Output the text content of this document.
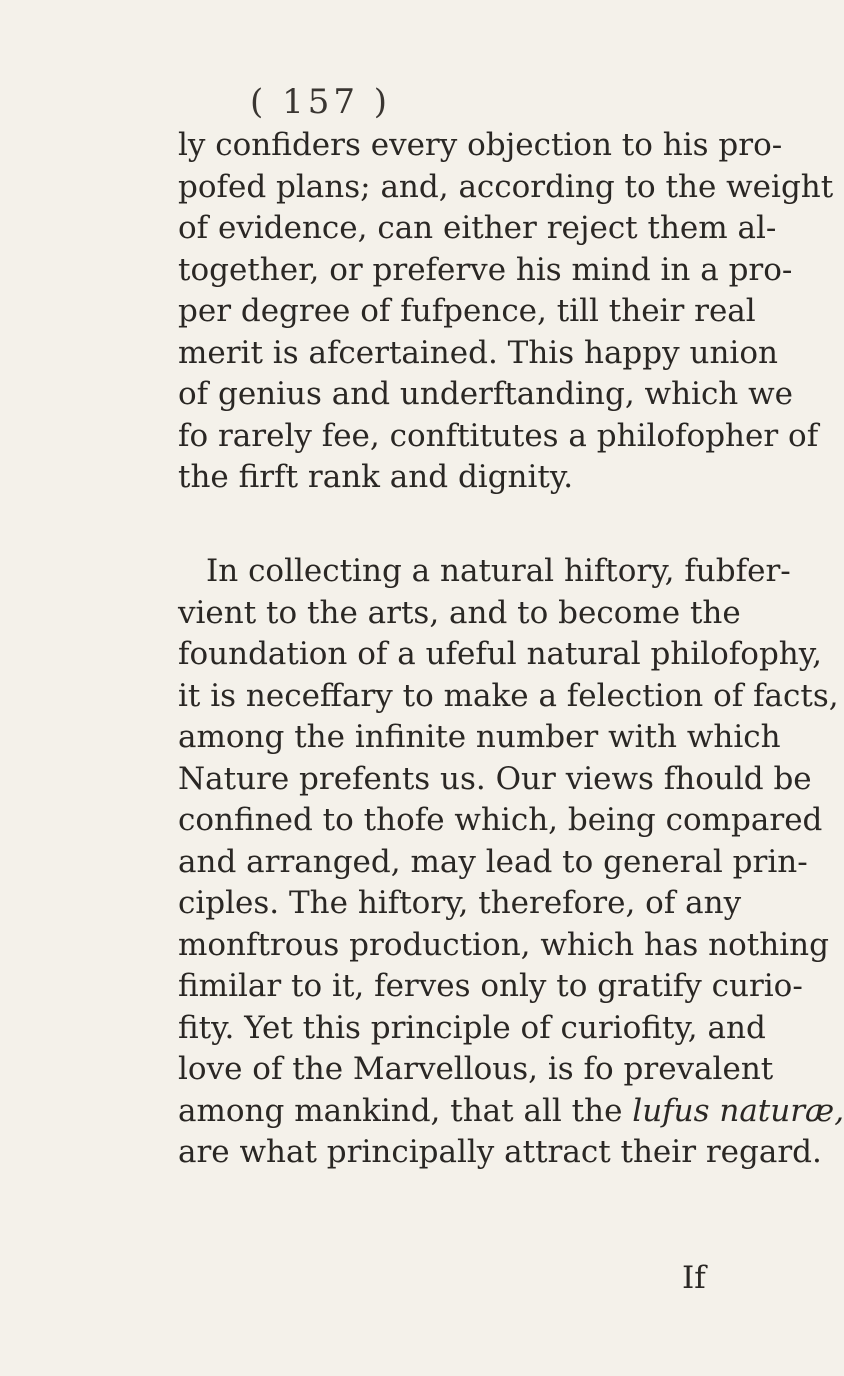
( 157 )
ly confiders every objection to his pro-
pofed plans; and, according to the weight
of evidence, can either reject them al-
together, or preferve his mind in a pro-
per degree of fufpence, till their real
merit is afcertained. This happy union
of genius and underftanding, which we
fo rarely fee, conftitutes a philofopher of
the firft rank and dignity.
In collecting a natural hiftory, fubfer-
vient to the arts, and to become the
foundation of a ufeful natural philofophy,
it is neceffary to make a felection of facts,
among the infinite number with which
Nature prefents us. Our views fhould be
confined to thofe which, being compared
and arranged, may lead to general prin-
ciples. The hiftory, therefore, of any
monftrous production, which has nothing
fimilar to it, ferves only to gratify curio-
fity. Yet this principle of curiofity, and
love of the Marvellous, is fo prevalent
among mankind, that all the lufus naturæ,
are what principally attract their regard.
If
